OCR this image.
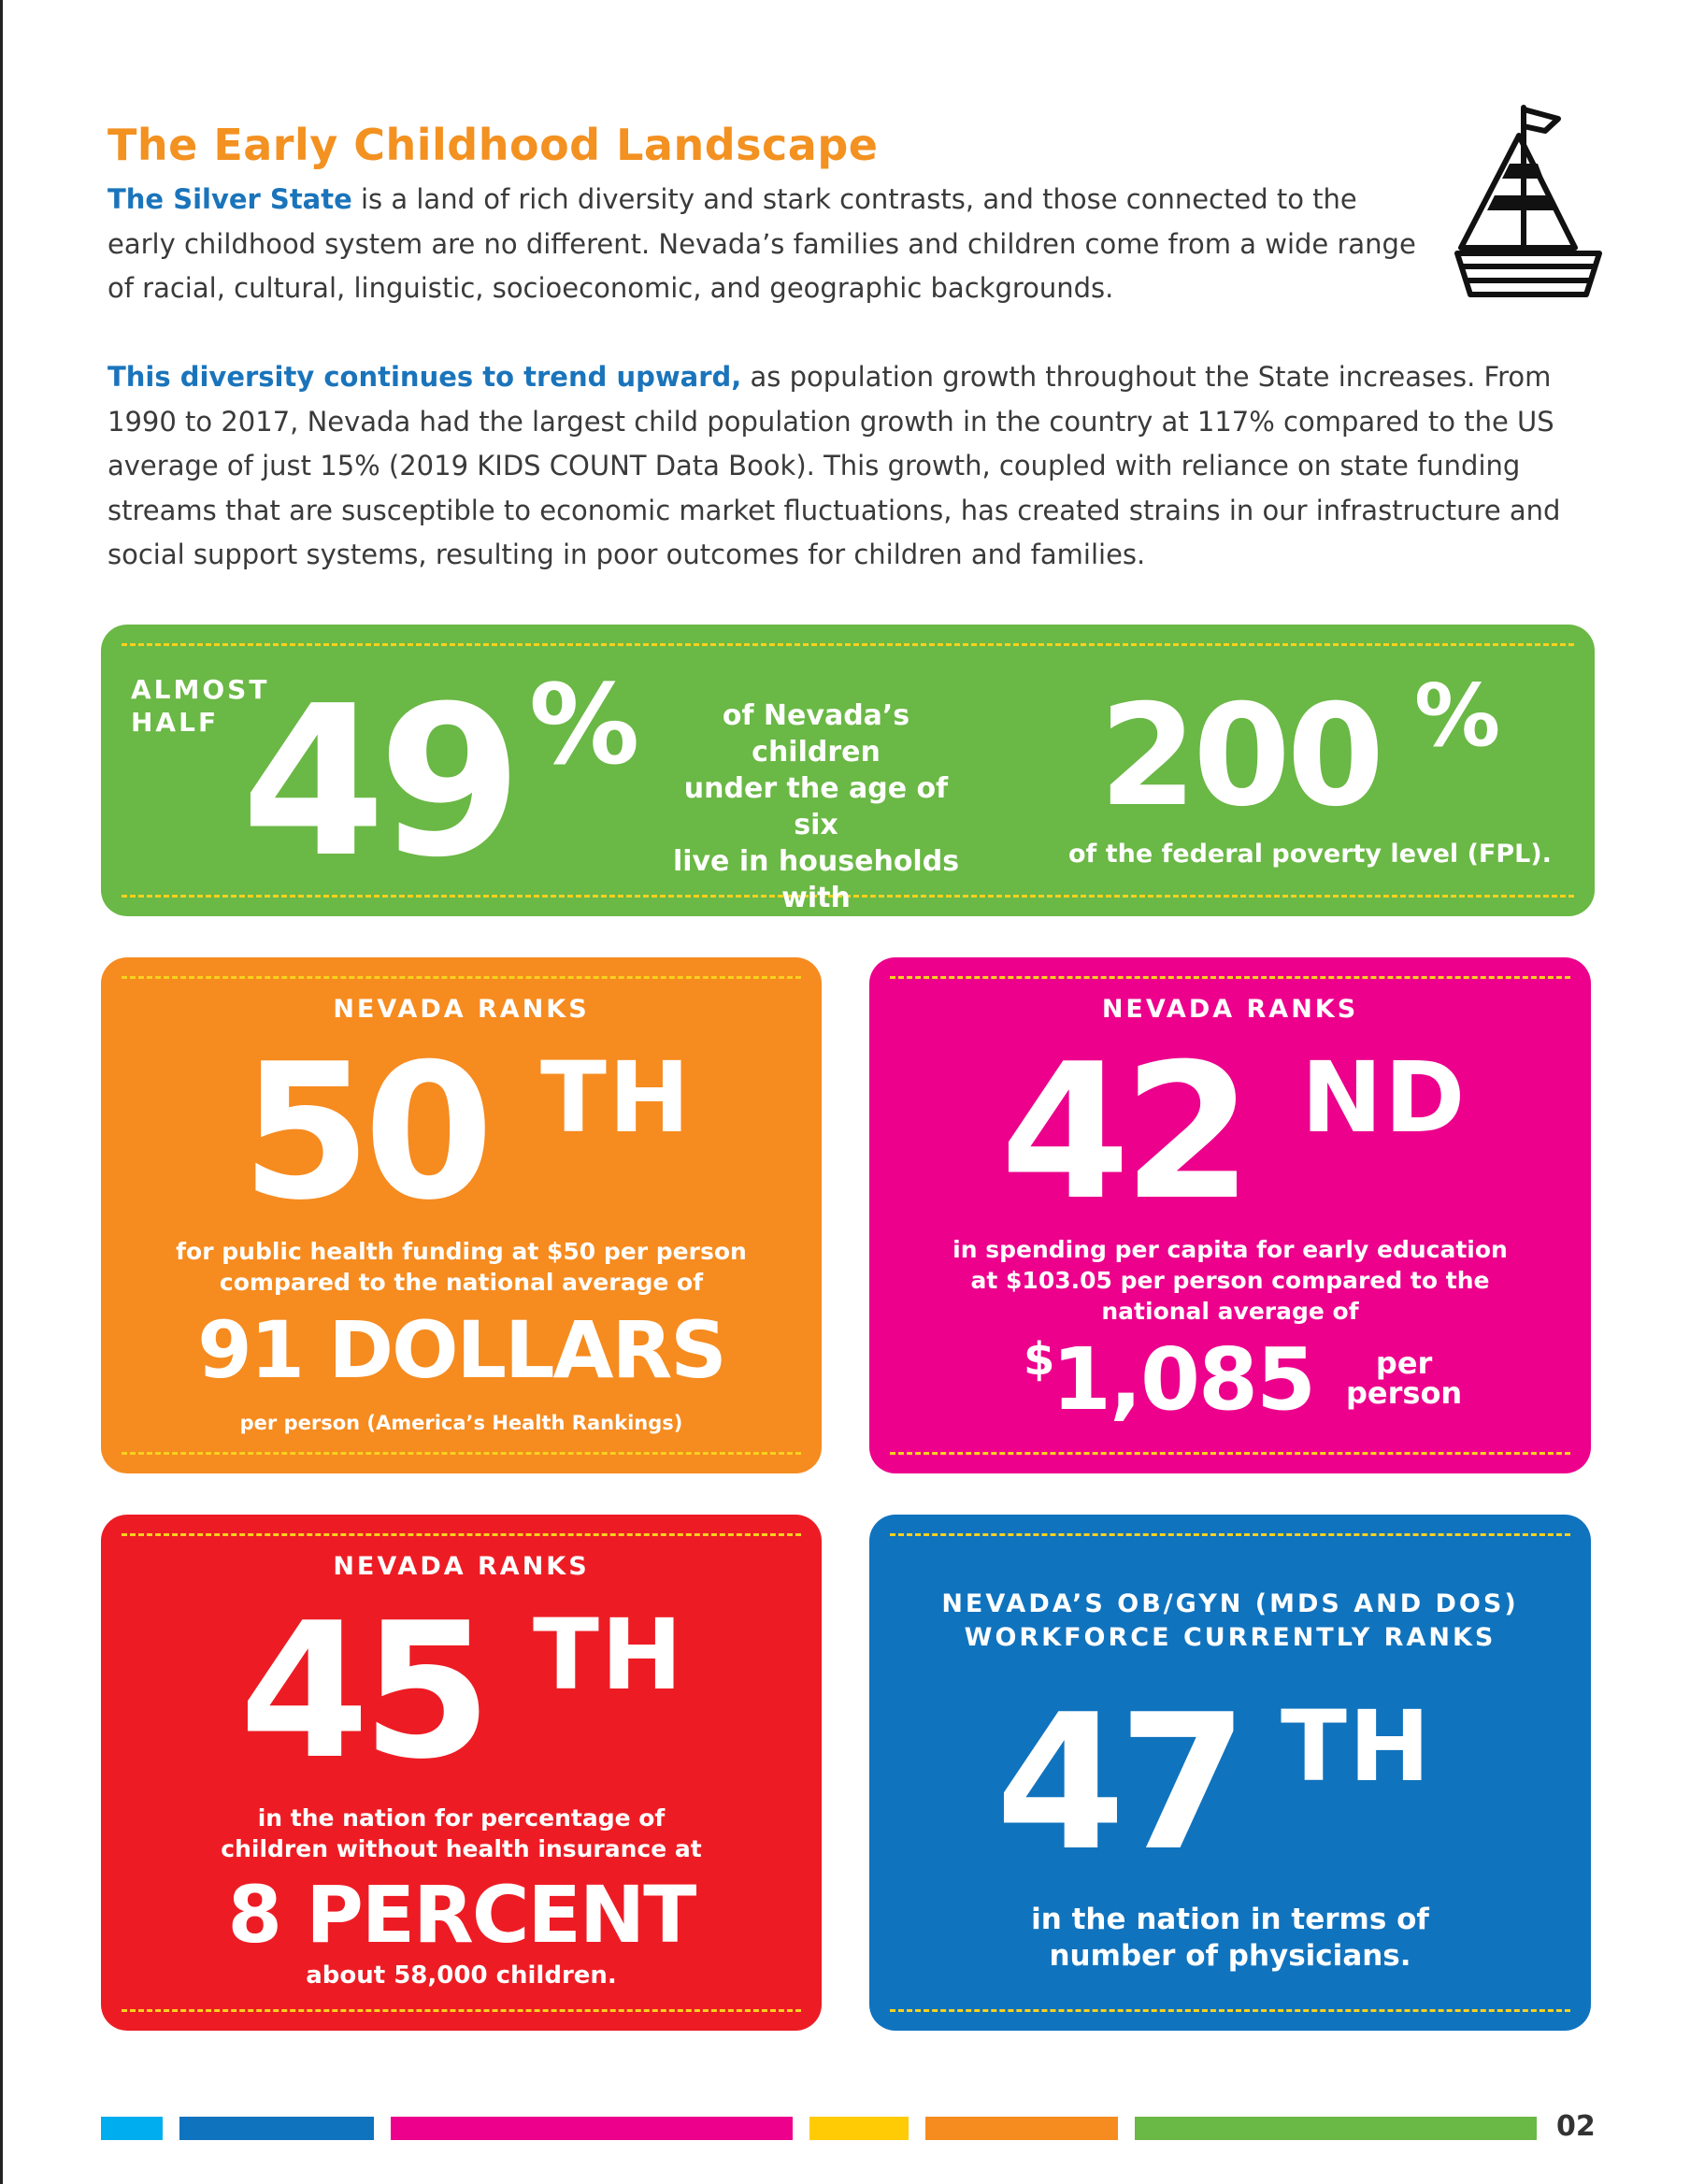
The Early Childhood Landscape

The Silver State is a land of rich diversity and stark contrasts, and those connected to the early childhood system are no different. Nevada’s families and children come from a wide range of racial, cultural, linguistic, socioeconomic, and geographic backgrounds.

This diversity continues to trend upward, as population growth throughout the State increases. From 1990 to 2017, Nevada had the largest child population growth in the country at 117% compared to the US average of just 15% (2019 KIDS COUNT Data Book). This growth, coupled with reliance on state funding streams that are susceptible to economic market fluctuations, has created strains in our infrastructure and social support systems, resulting in poor outcomes for children and families.

ALMOST
HALF 49 %	of Nevada’s children
under the age of six
live in households with
income less than
200 %
of the federal poverty level (FPL).
NEVADA RANKS
50 TH
for public health funding at $50 per person
compared to the national average of
91 DOLLARS
per person (America’s Health Rankings)
NEVADA RANKS
42 ND
in spending per capita for early education
at $103.05 per person compared to the
national average of
$
1,085	per
person
NEVADA RANKS
45 TH
in the nation for percentage of
children without health insurance at
8 PERCENT
about 58,000 children.
NEVADA’S OB/GYN (MDS AND DOS)
WORKFORCE CURRENTLY RANKS
47 TH
in the nation in terms of
number of physicians.
02
